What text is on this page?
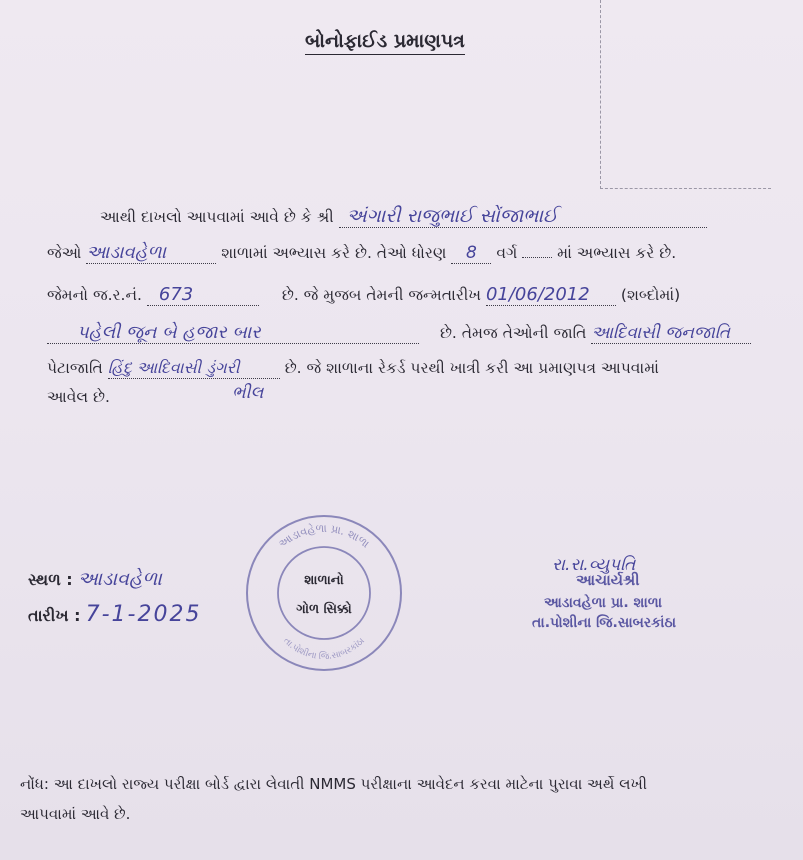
બોનોફાઈડ પ્રમાણપત્ર
આથી દાખલો આપવામાં આવે છે કે શ્રી અંગારી રાજુભાઈ સોંજાભાઈ
જેઓ આડાવહેળા	શાળામાં અભ્યાસ કરે છે. તેઓ ધોરણ 8 વર્ગ	માં અભ્યાસ કરે છે.
જેમનો જ.ર.નં. 673	છે. જે મુજબ તેમની જન્મતારીખ 01/06/2012 (શબ્દોમાં)
પહેલી જૂન બે હજાર બાર	છે. તેમજ તેઓની જાતિ આદિવાસી જનજાતિ
પેટાજાતિ હિંદુ આદિવાસી ડુંગરી	છે. જે શાળાના રેકર્ડ પરથી ખાત્રી કરી આ પ્રમાણપત્ર આપવામાં
આવેલ છે.	ભીલ
સ્થળ : આડાવહેળા
તારીખ : 7-1-2025
આડાવહેળા પ્રા. શાળા
તા.પોશીના જિ.સાબરકાંઠા
શાળાનો
ગોળ સિક્કો
રા.રા.વ્યુપતિ
આચાર્યશ્રી
આડાવહેળા પ્રા. શાળા
તા.પોશીના જિ.સાબરકાંઠા
નોંધ: આ દાખલો રાજ્ય પરીક્ષા બોર્ડ દ્વારા લેવાતી NMMS પરીક્ષાના આવેદન કરવા માટેના પુરાવા અર્થે લખી
આપવામાં આવે છે.
